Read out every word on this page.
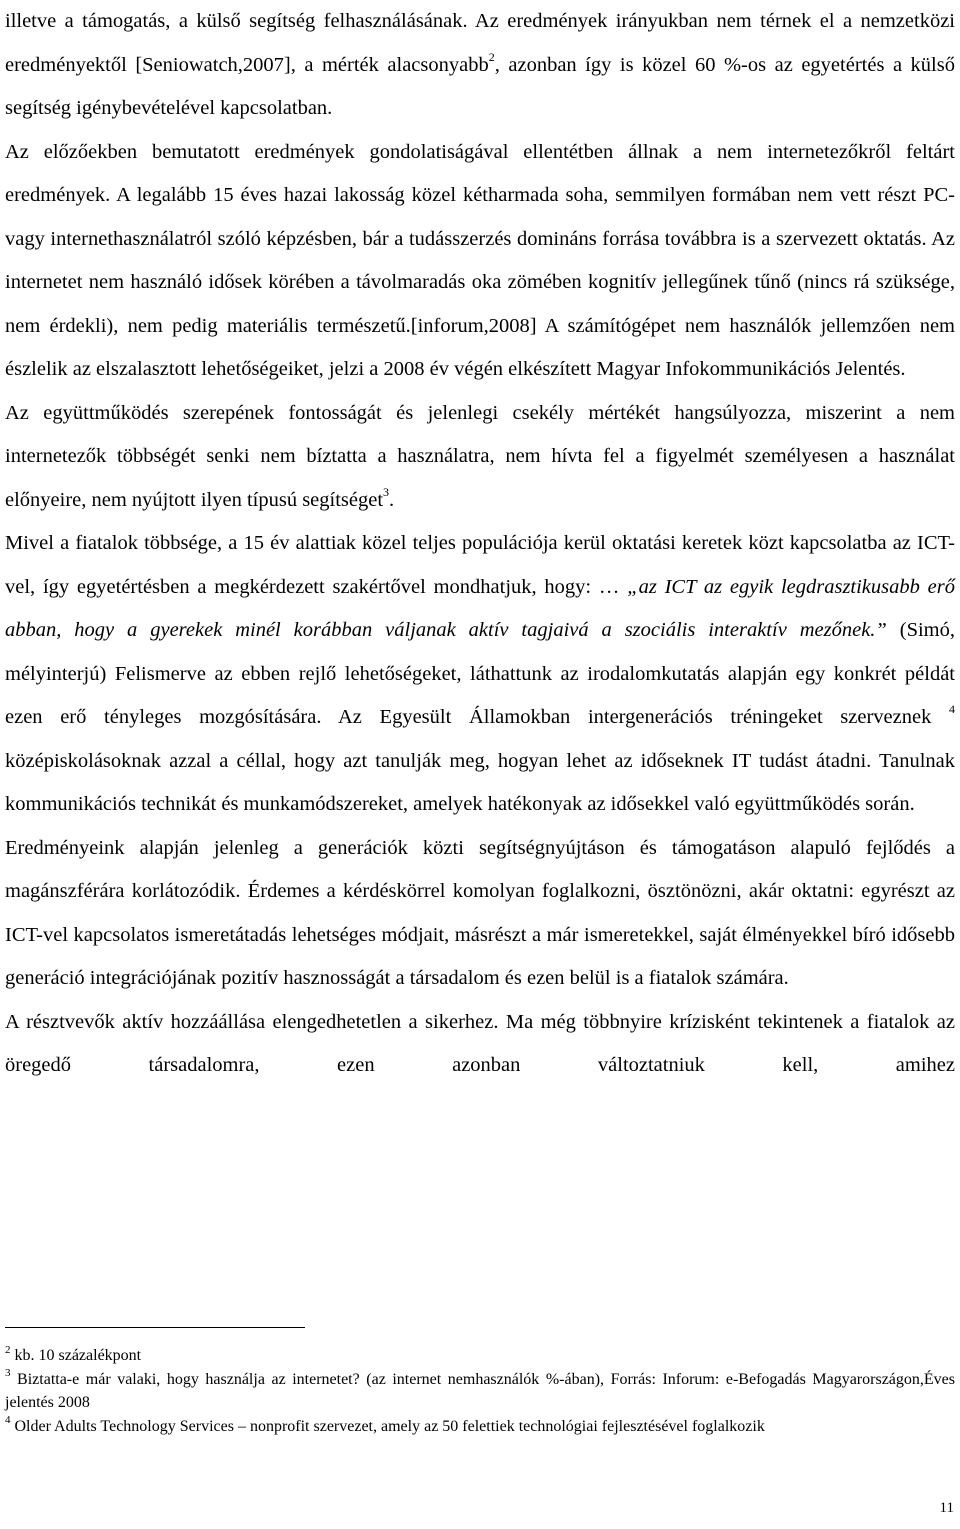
illetve a támogatás, a külső segítség felhasználásának. Az eredmények irányukban nem térnek el a nemzetközi eredményektől [Seniowatch,2007], a mérték alacsonyabb$^2$, azonban így is közel 60 %-os az egyetértés a külső segítség igénybevételével kapcsolatban.

Az előzőekben bemutatott eredmények gondolatiságával ellentétben állnak a nem internetezőkről feltárt eredmények. A legalább 15 éves hazai lakosság közel kétharmada soha, semmilyen formában nem vett részt PC- vagy internethasználatról szóló képzésben, bár a tudásszerzés domináns forrása továbbra is a szervezett oktatás. Az internetet nem használó idősek körében a távolmaradás oka zömében kognitív jellegűnek tűnő (nincs rá szüksége, nem érdekli), nem pedig materiális természetű.[inforum,2008] A számítógépet nem használók jellemzően nem észlelik az elszalasztott lehetőségeiket, jelzi a 2008 év végén elkészített Magyar Infokommunikációs Jelentés.

Az együttműködés szerepének fontosságát és jelenlegi csekély mértékét hangsúlyozza, miszerint a nem internetezők többségét senki nem bíztatta a használatra, nem hívta fel a figyelmét személyesen a használat előnyeire, nem nyújtott ilyen típusú segítséget$^3$.

Mivel a fiatalok többsége, a 15 év alattiak közel teljes populációja kerül oktatási keretek közt kapcsolatba az ICT-vel, így egyetértésben a megkérdezett szakértővel mondhatjuk, hogy: … „az ICT az egyik legdrasztikusabb erő abban, hogy a gyerekek minél korábban váljanak aktív tagjaivá a szociális interaktív mezőnek.” (Simó, mélyinterjú) Felismerve az ebben rejlő lehetőségeket, láthattunk az irodalomkutatás alapján egy konkrét példát ezen erő tényleges mozgósítására. Az Egyesült Államokban intergenerációs tréningeket szerveznek $^4$ középiskolásoknak azzal a céllal, hogy azt tanulják meg, hogyan lehet az időseknek IT tudást átadni. Tanulnak kommunikációs technikát és munkamódszereket, amelyek hatékonyak az idősekkel való együttműködés során.

Eredményeink alapján jelenleg a generációk közti segítségnyújtáson és támogatáson alapuló fejlődés a magánszférára korlátozódik. Érdemes a kérdéskörrel komolyan foglalkozni, ösztönözni, akár oktatni: egyrészt az ICT-vel kapcsolatos ismeretátadás lehetséges módjait, másrészt a már ismeretekkel, saját élményekkel bíró idősebb generáció integrációjának pozitív hasznosságát a társadalom és ezen belül is a fiatalok számára.

A résztvevők aktív hozzáállása elengedhetetlen a sikerhez. Ma még többnyire krízisként tekintenek a fiatalok az öregedő társadalomra, ezen azonban változtatniuk kell, amihez

$^2$ kb. 10 százalékpont

$^3$ Biztatta-e már valaki, hogy használja az internetet? (az internet nemhasználók %-ában), Forrás: Inforum: e-Befogadás Magyarországon,Éves jelentés 2008

$^4$ Older Adults Technology Services – nonprofit szervezet, amely az 50 felettiek technológiai fejlesztésével foglalkozik

11
